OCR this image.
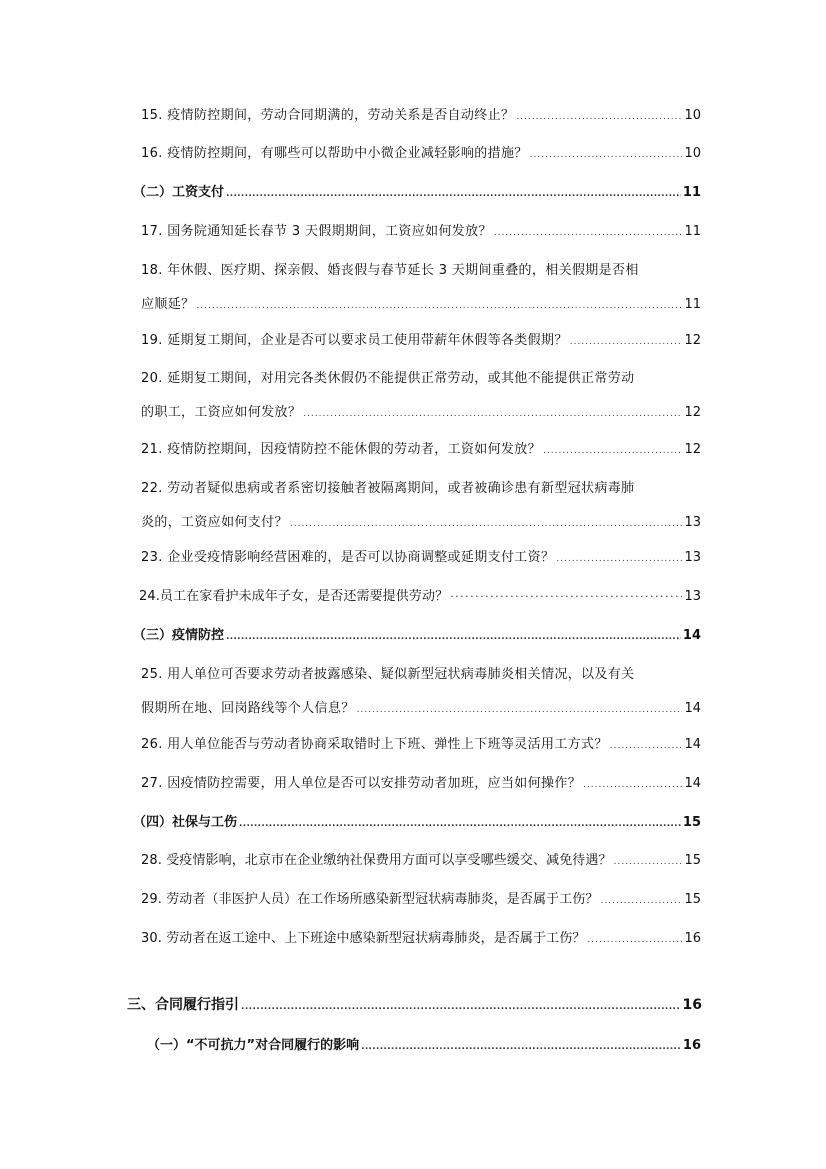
15. 疫情防控期间，劳动合同期满的，劳动关系是否自动终止？ .....	10
16. 疫情防控期间，有哪些可以帮助中小微企业减轻影响的措施？ .....	10
（二）工资支付 .....	11
17. 国务院通知延长春节 3 天假期期间，工资应如何发放？ .....	11
18. 年休假、医疗期、探亲假、婚丧假与春节延长 3 天期间重叠的，相关假期是否相
应顺延？ .....	11
19. 延期复工期间，企业是否可以要求员工使用带薪年休假等各类假期？ .....	12
20. 延期复工期间，对用完各类休假仍不能提供正常劳动，或其他不能提供正常劳动
的职工，工资应如何发放？ .....	12
21. 疫情防控期间，因疫情防控不能休假的劳动者，工资如何发放？ .....	12
22. 劳动者疑似患病或者系密切接触者被隔离期间，或者被确诊患有新型冠状病毒肺
炎的，工资应如何支付？ .....	13
23. 企业受疫情影响经营困难的，是否可以协商调整或延期支付工资？ .....	13
24.员工在家看护未成年子女，是否还需要提供劳动？ ·····	13
（三）疫情防控 .....	14
25. 用人单位可否要求劳动者披露感染、疑似新型冠状病毒肺炎相关情况，以及有关
假期所在地、回岗路线等个人信息？ .....	14
26. 用人单位能否与劳动者协商采取错时上下班、弹性上下班等灵活用工方式？ .....	14
27. 因疫情防控需要，用人单位是否可以安排劳动者加班，应当如何操作？ .....	14
（四）社保与工伤 .....	15
28. 受疫情影响，北京市在企业缴纳社保费用方面可以享受哪些缓交、减免待遇？ .....	15
29. 劳动者（非医护人员）在工作场所感染新型冠状病毒肺炎，是否属于工伤？ .....	15
30. 劳动者在返工途中、上下班途中感染新型冠状病毒肺炎，是否属于工伤？ .....	16
三、合同履行指引 .....	16
（一）“不可抗力”对合同履行的影响 .....	16
